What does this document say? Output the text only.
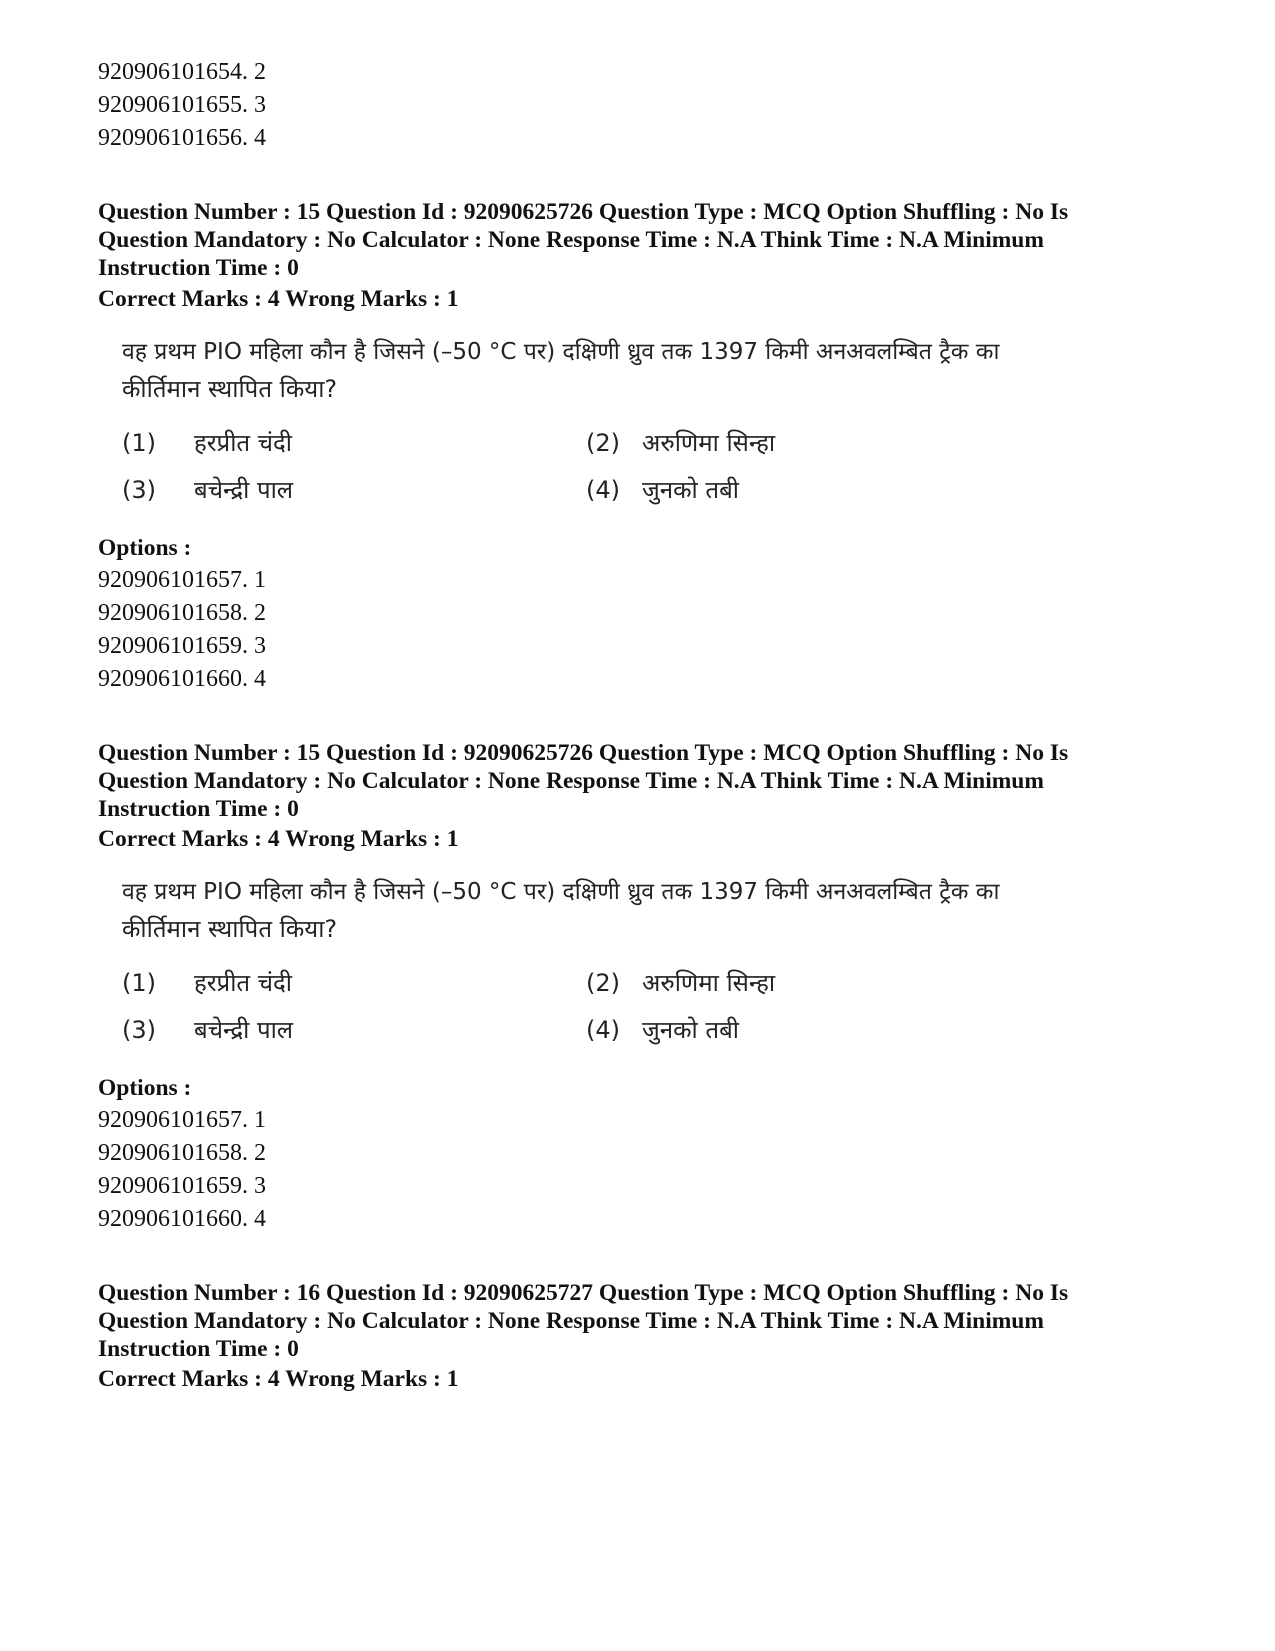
920906101654. 2
920906101655. 3
920906101656. 4
Question Number : 15 Question Id : 92090625726 Question Type : MCQ Option Shuffling : No Is
Question Mandatory : No Calculator : None Response Time : N.A Think Time : N.A Minimum
Instruction Time : 0
Correct Marks : 4 Wrong Marks : 1
वह प्रथम PIO महिला कौन है जिसने (–50 °C पर) दक्षिणी ध्रुव तक 1397 किमी अनअवलम्बित ट्रैक का
कीर्तिमान स्थापित किया?
(1) हरप्रीत चंदी	(2) अरुणिमा सिन्हा
(3) बचेन्द्री पाल	(4) जुनको तबी
Options :
920906101657. 1
920906101658. 2
920906101659. 3
920906101660. 4
Question Number : 15 Question Id : 92090625726 Question Type : MCQ Option Shuffling : No Is
Question Mandatory : No Calculator : None Response Time : N.A Think Time : N.A Minimum
Instruction Time : 0
Correct Marks : 4 Wrong Marks : 1
वह प्रथम PIO महिला कौन है जिसने (–50 °C पर) दक्षिणी ध्रुव तक 1397 किमी अनअवलम्बित ट्रैक का
कीर्तिमान स्थापित किया?
(1) हरप्रीत चंदी	(2) अरुणिमा सिन्हा
(3) बचेन्द्री पाल	(4) जुनको तबी
Options :
920906101657. 1
920906101658. 2
920906101659. 3
920906101660. 4
Question Number : 16 Question Id : 92090625727 Question Type : MCQ Option Shuffling : No Is
Question Mandatory : No Calculator : None Response Time : N.A Think Time : N.A Minimum
Instruction Time : 0
Correct Marks : 4 Wrong Marks : 1
